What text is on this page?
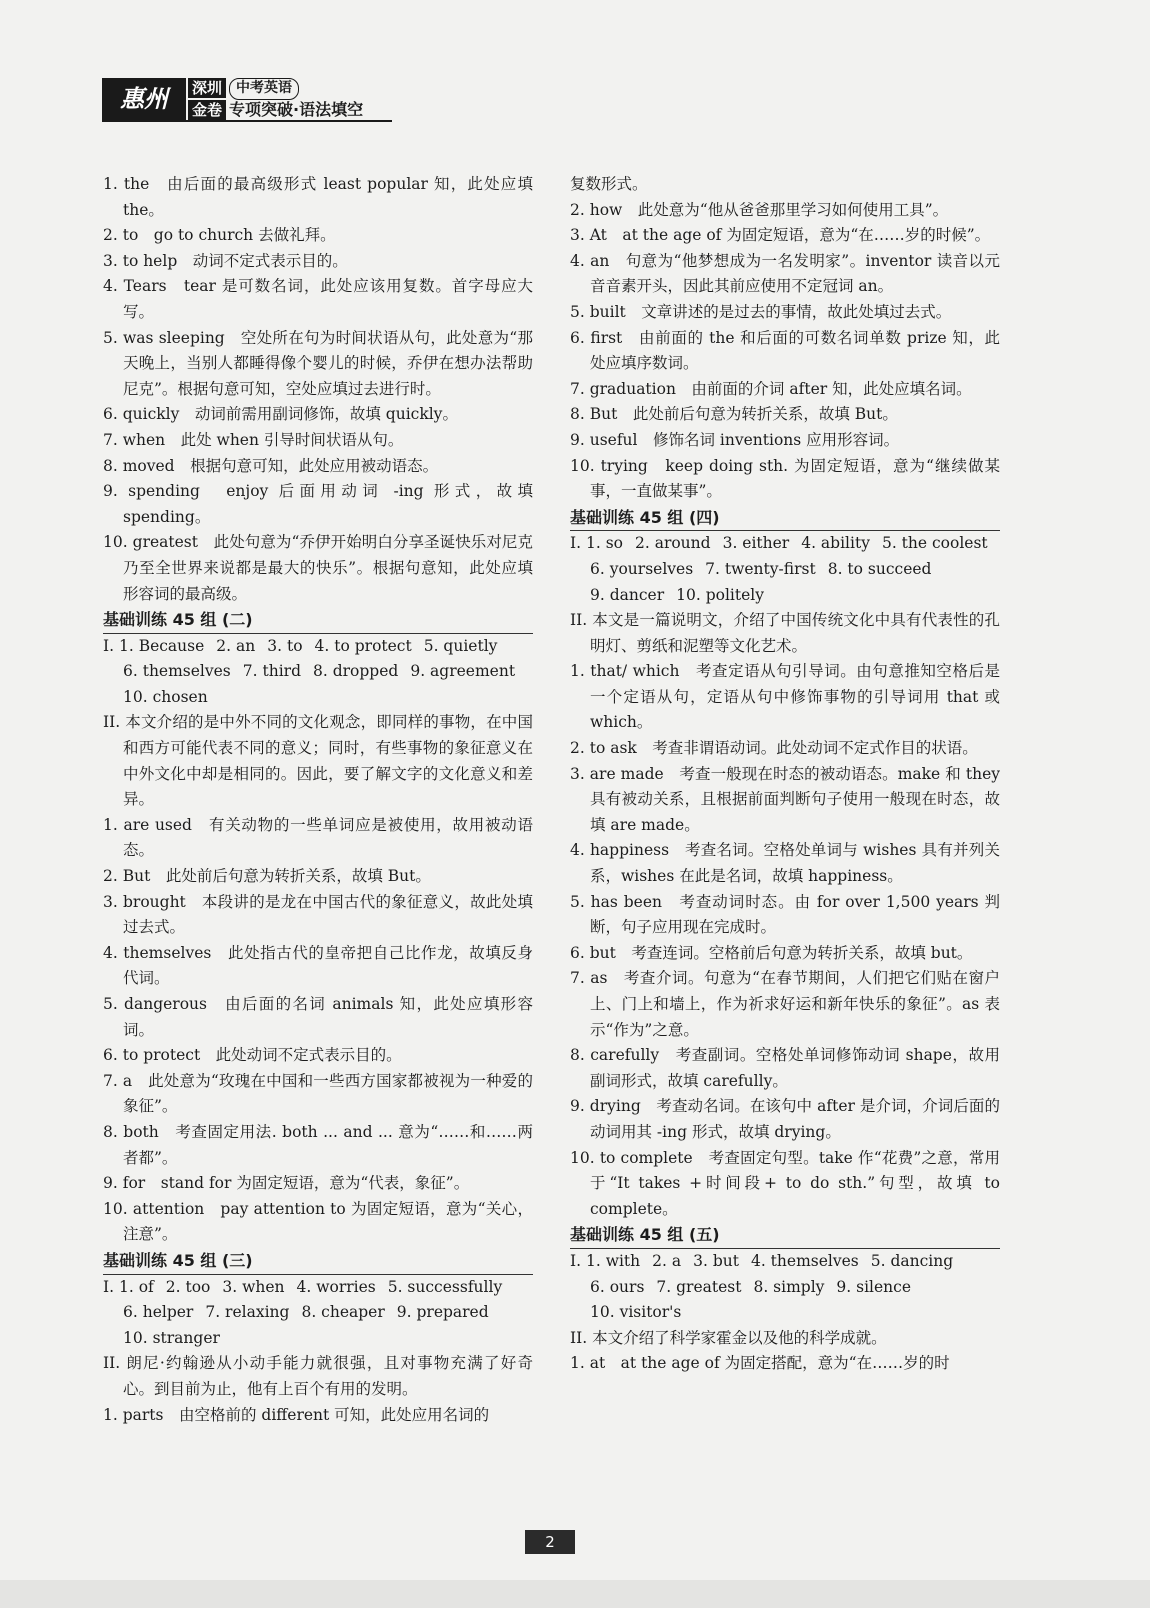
惠州	深圳
金卷
中考英语
专项突破·语法填空

1. the　由后面的最高级形式 least popular 知，此处应填 the。

2. to　go to church 去做礼拜。

3. to help　动词不定式表示目的。

4. Tears　tear 是可数名词，此处应该用复数。首字母应大写。

5. was sleeping　空处所在句为时间状语从句，此处意为“那天晚上，当别人都睡得像个婴儿的时候，乔伊在想办法帮助尼克”。根据句意可知，空处应填过去进行时。

6. quickly　动词前需用副词修饰，故填 quickly。

7. when　此处 when 引导时间状语从句。

8. moved　根据句意可知，此处应用被动语态。

9. spending　enjoy 后面用动词 -ing 形式，故填 spending。

10. greatest　此处句意为“乔伊开始明白分享圣诞快乐对尼克乃至全世界来说都是最大的快乐”。根据句意知，此处应填形容词的最高级。

基础训练 45 组 (二)
I. 1. Because 2. an 3. to 4. to protect 5. quietly
6. themselves 7. third 8. dropped 9. agreement
10. chosen

II. 本文介绍的是中外不同的文化观念，即同样的事物，在中国和西方可能代表不同的意义；同时，有些事物的象征意义在中外文化中却是相同的。因此，要了解文字的文化意义和差异。

1. are used　有关动物的一些单词应是被使用，故用被动语态。

2. But　此处前后句意为转折关系，故填 But。

3. brought　本段讲的是龙在中国古代的象征意义，故此处填过去式。

4. themselves　此处指古代的皇帝把自己比作龙，故填反身代词。

5. dangerous　由后面的名词 animals 知，此处应填形容词。

6. to protect　此处动词不定式表示目的。

7. a　此处意为“玫瑰在中国和一些西方国家都被视为一种爱的象征”。

8. both　考查固定用法. both ... and ... 意为“……和……两者都”。

9. for　stand for 为固定短语，意为“代表，象征”。

10. attention　pay attention to 为固定短语，意为“关心，注意”。

基础训练 45 组 (三)
I. 1. of 2. too 3. when 4. worries 5. successfully
6. helper 7. relaxing 8. cheaper 9. prepared
10. stranger

II. 朗尼·约翰逊从小动手能力就很强，且对事物充满了好奇心。到目前为止，他有上百个有用的发明。

1. parts　由空格前的 different 可知，此处应用名词的

复数形式。

2. how　此处意为“他从爸爸那里学习如何使用工具”。

3. At　at the age of 为固定短语，意为“在……岁的时候”。

4. an　句意为“他梦想成为一名发明家”。inventor 读音以元音音素开头，因此其前应使用不定冠词 an。

5. built　文章讲述的是过去的事情，故此处填过去式。

6. first　由前面的 the 和后面的可数名词单数 prize 知，此处应填序数词。

7. graduation　由前面的介词 after 知，此处应填名词。

8. But　此处前后句意为转折关系，故填 But。

9. useful　修饰名词 inventions 应用形容词。

10. trying　keep doing sth. 为固定短语，意为“继续做某事，一直做某事”。

基础训练 45 组 (四)
I. 1. so 2. around 3. either 4. ability 5. the coolest
6. yourselves 7. twenty-first 8. to succeed
9. dancer 10. politely

II. 本文是一篇说明文，介绍了中国传统文化中具有代表性的孔明灯、剪纸和泥塑等文化艺术。

1. that/ which　考查定语从句引导词。由句意推知空格后是一个定语从句，定语从句中修饰事物的引导词用 that 或 which。

2. to ask　考查非谓语动词。此处动词不定式作目的状语。

3. are made　考查一般现在时态的被动语态。make 和 they 具有被动关系，且根据前面判断句子使用一般现在时态，故填 are made。

4. happiness　考查名词。空格处单词与 wishes 具有并列关系，wishes 在此是名词，故填 happiness。

5. has been　考查动词时态。由 for over 1,500 years 判断，句子应用现在完成时。

6. but　考查连词。空格前后句意为转折关系，故填 but。

7. as　考查介词。句意为“在春节期间，人们把它们贴在窗户上、门上和墙上，作为祈求好运和新年快乐的象征”。as 表示“作为”之意。

8. carefully　考查副词。空格处单词修饰动词 shape，故用副词形式，故填 carefully。

9. drying　考查动名词。在该句中 after 是介词，介词后面的动词用其 -ing 形式，故填 drying。

10. to complete　考查固定句型。take 作“花费”之意，常用于“It takes +时间段+ to do sth.”句型，故填 to complete。

基础训练 45 组 (五)
I. 1. with 2. a 3. but 4. themselves 5. dancing
6. ours 7. greatest 8. simply 9. silence
10. visitor's

II. 本文介绍了科学家霍金以及他的科学成就。

1. at　at the age of 为固定搭配，意为“在……岁的时

2
